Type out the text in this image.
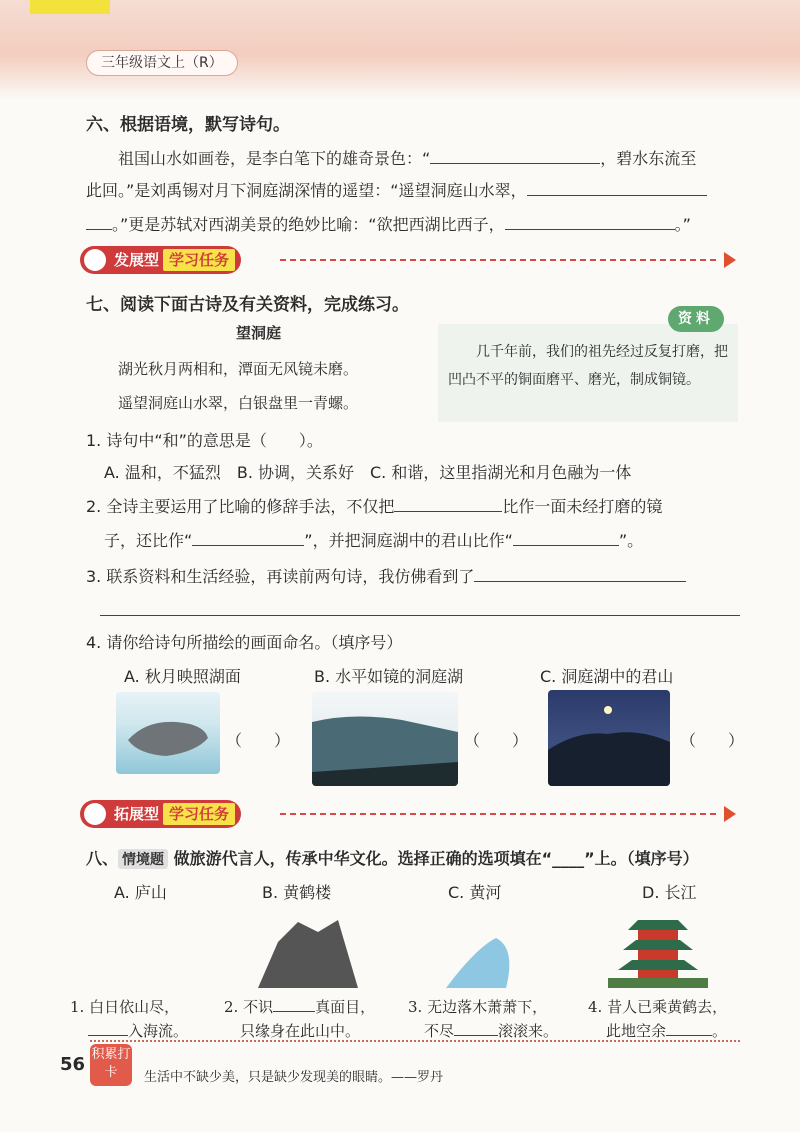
三年级语文上（R）
六、根据语境，默写诗句。
祖国山水如画卷，是李白笔下的雄奇景色：“	，碧水东流至
此回。”是刘禹锡对月下洞庭湖深情的遥望：“遥望洞庭山水翠，
。”更是苏轼对西湖美景的绝妙比喻：“欲把西湖比西子，	。”
发展型 学习任务
七、阅读下面古诗及有关资料，完成练习。
望洞庭
湖光秋月两相和，潭面无风镜未磨。
遥望洞庭山水翠，白银盘里一青螺。
资料
几千年前，我们的祖先经过反复打磨，把凹凸不平的铜面磨平、磨光，制成铜镜。
1. 诗句中“和”的意思是（　　）。
A. 温和，不猛烈　B. 协调，关系好　C. 和谐，这里指湖光和月色融为一体
2. 全诗主要运用了比喻的修辞手法，不仅把	比作一面未经打磨的镜
子，还比作“	”，并把洞庭湖中的君山比作“	”。
3. 联系资料和生活经验，再读前两句诗，我仿佛看到了
4. 请你给诗句所描绘的画面命名。（填序号）
A. 秋月映照湖面	B. 水平如镜的洞庭湖	C. 洞庭湖中的君山
（　　）	（　　）	（　　）
拓展型 学习任务
八、 情境题 做旅游代言人，传承中华文化。选择正确的选项填在“____”上。（填序号）
A. 庐山	B. 黄鹤楼	C. 黄河	D. 长江
1. 白日依山尽，
入海流。
2. 不识	真面目，
只缘身在此山中。
3. 无边落木萧萧下，
不尽	滚滚来。
4. 昔人已乘黄鹤去，
此地空余	。
56 积累打卡	生活中不缺少美，只是缺少发现美的眼睛。——罗丹
